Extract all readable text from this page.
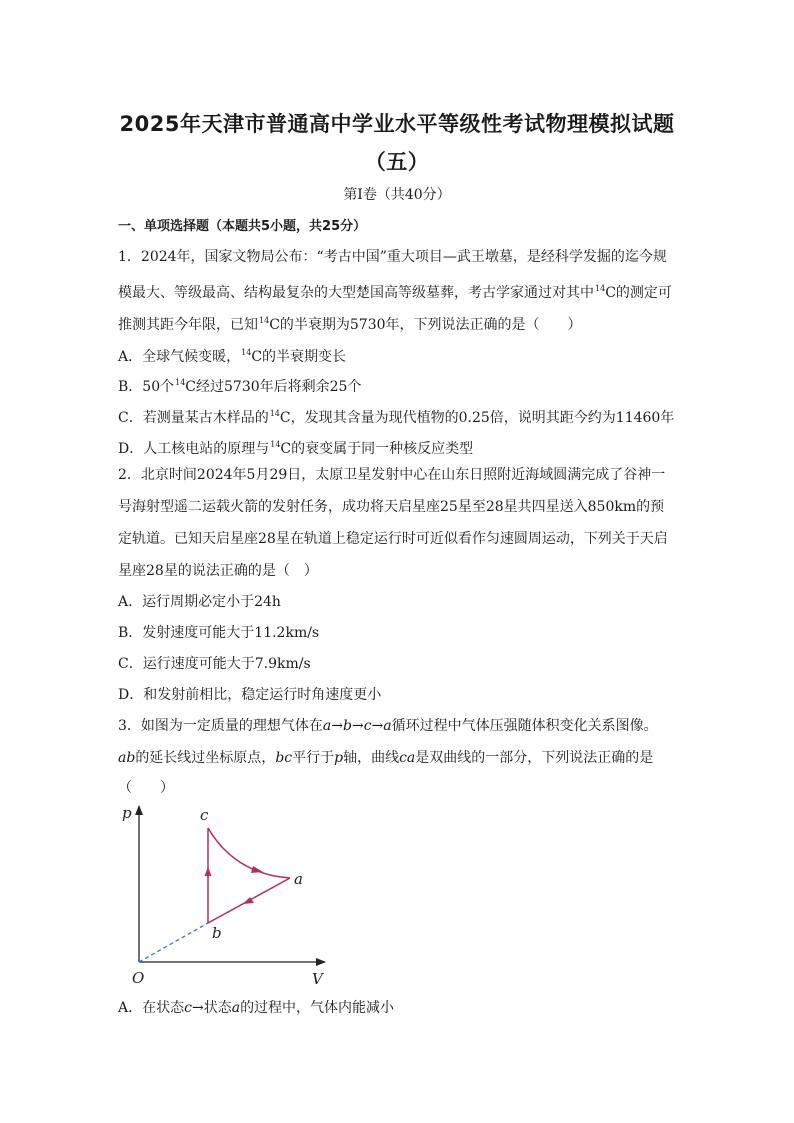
2025年天津市普通高中学业水平等级性考试物理模拟试题
（五）
第Ⅰ卷（共40分）
一、单项选择题（本题共5小题，共25分）
1．2024年，国家文物局公布：“考古中国”重大项目—武王墩墓，是经科学发掘的迄今规
模最大、等级最高、结构最复杂的大型楚国高等级墓葬，考古学家通过对其中$^{14}$C的测定可
推测其距今年限，已知$^{14}$C的半衰期为5730年，下列说法正确的是（　　）
A．全球气候变暖，$^{14}$C的半衰期变长
B．50个$^{14}$C经过5730年后将剩余25个
C．若测量某古木样品的$^{14}$C，发现其含量为现代植物的0.25倍，说明其距今约为11460年
D．人工核电站的原理与$^{14}$C的衰变属于同一种核反应类型
2．北京时间2024年5月29日，太原卫星发射中心在山东日照附近海域圆满完成了谷神一
号海射型遥二运载火箭的发射任务，成功将天启星座25星至28星共四星送入850km的预
定轨道。已知天启星座28星在轨道上稳定运行时可近似看作匀速圆周运动，下列关于天启
星座28星的说法正确的是（　）
A．运行周期必定小于24h
B．发射速度可能大于11.2km/s
C．运行速度可能大于7.9km/s
D．和发射前相比，稳定运行时角速度更小
3．如图为一定质量的理想气体在a→b→c→a循环过程中气体压强随体积变化关系图像。
ab的延长线过坐标原点，bc平行于p轴，曲线ca是双曲线的一部分，下列说法正确的是
（　　）
p
V
O
c
a
b
A．在状态c→状态a的过程中，气体内能减小
